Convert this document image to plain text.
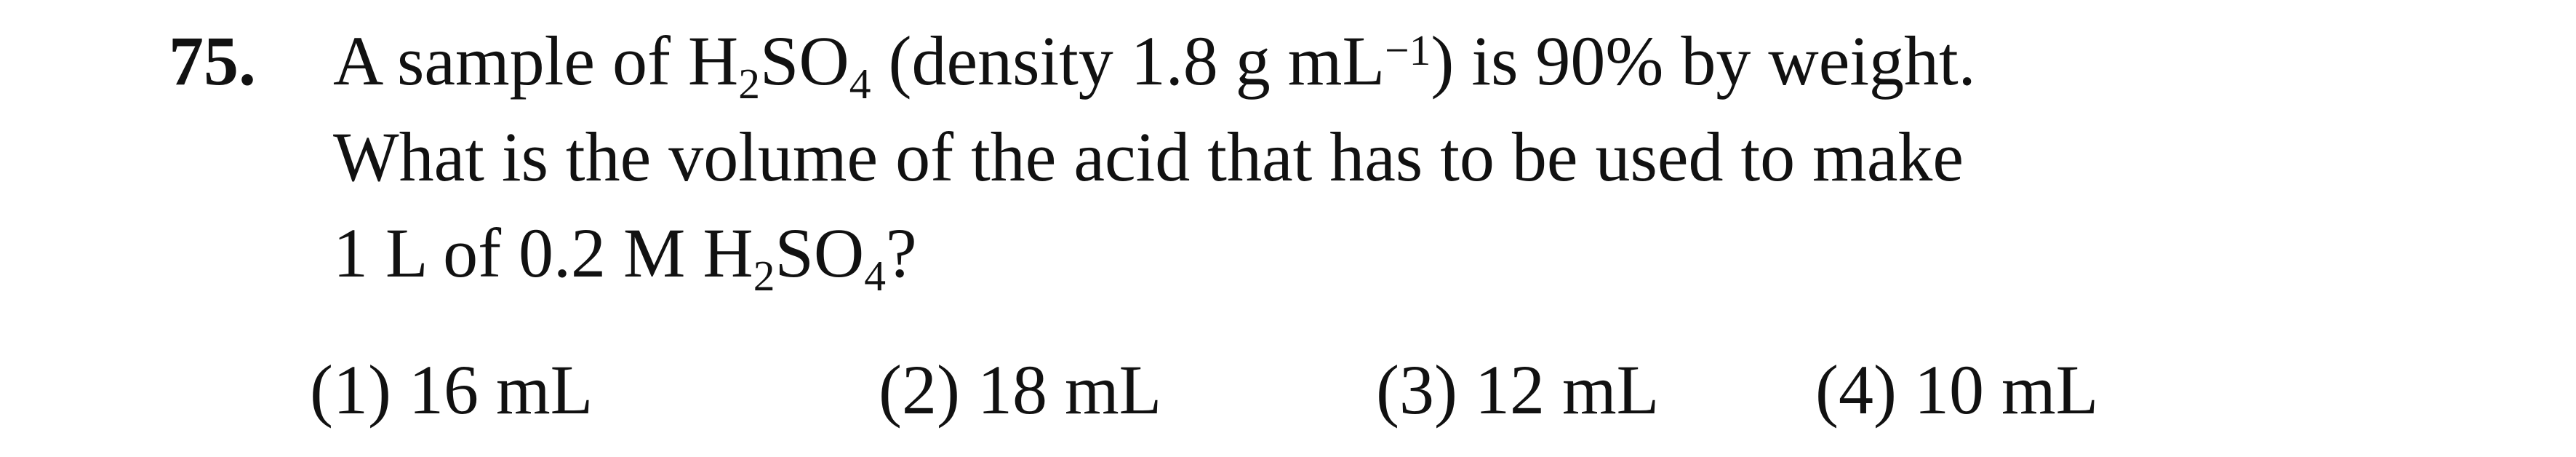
75. A sample of $H_2SO_4$ (density 1.8 g $mL^{-1}$) is 90% by weight.
What is the volume of the acid that has to be used to make
1 L of 0.2 M $H_2SO_4$?
(1) 16 mL	(2) 18 mL	(3) 12 mL (4) 10 mL
